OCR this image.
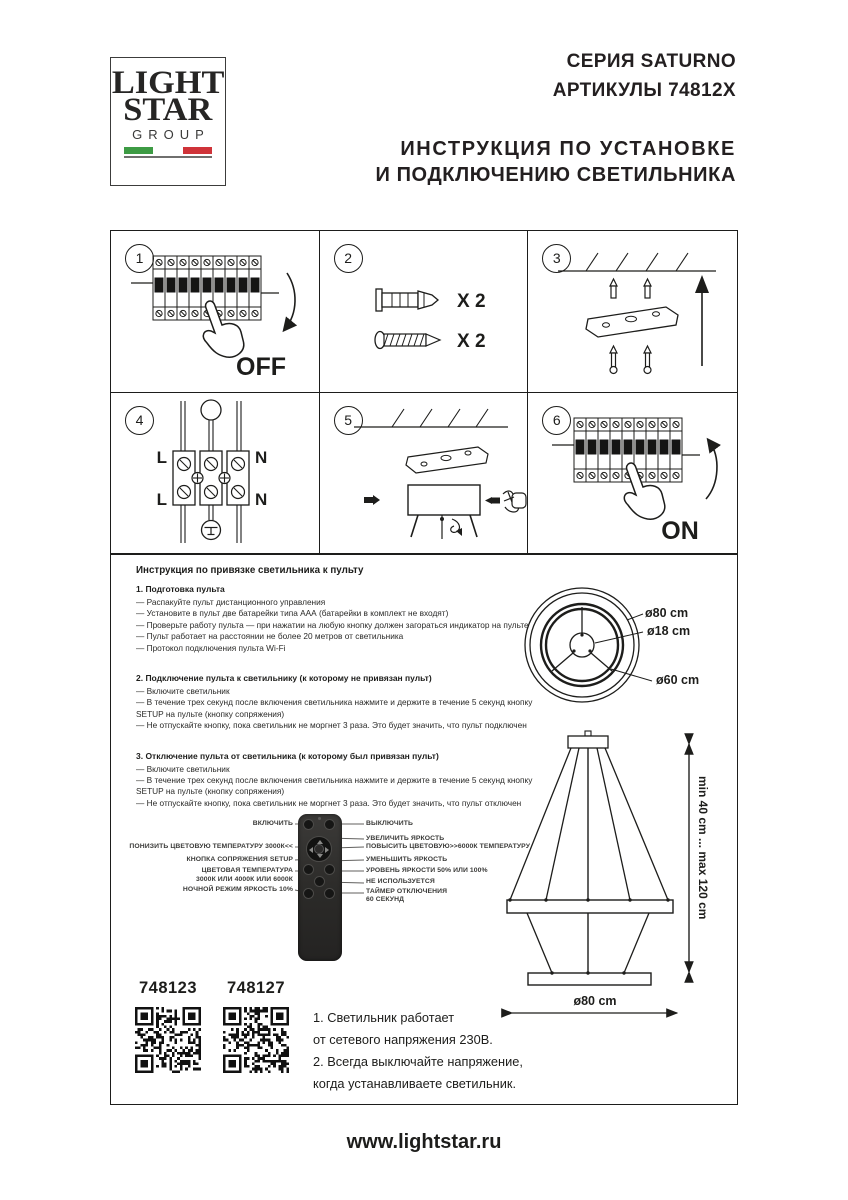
LIGHT
STAR
GROUP
СЕРИЯ SATURNO
АРТИКУЛЫ 74812X
ИНСТРУКЦИЯ ПО УСТАНОВКЕ
И ПОДКЛЮЧЕНИЮ СВЕТИЛЬНИКА
OFF
1
X 2
X 2
2	3
L	N
L	N
4	5
ON
6
Инструкция по привязке светильника к пульту
1. Подготовка пульта
— Распакуйте пульт дистанционного управления
— Установите в пульт две батарейки типа ААА (батарейки в комплект не входят)
— Проверьте работу пульта — при нажатии на любую кнопку должен загораться индикатор на пульте
— Пульт работает на расстоянии не более 20 метров от светильника
— Протокол подключения пульта Wi-Fi
2. Подключение пульта к светильнику (к которому не привязан пульт)
— Включите светильник
— В течение трех секунд после включения светильника нажмите и держите в течение 5 секунд кнопку SETUP на пульте (кнопку сопряжения)
— Не отпускайте кнопку, пока светильник не моргнет 3 раза. Это будет значить, что пульт подключен
3. Отключение пульта от светильника (к которому был привязан пульт)
— Включите светильник
— В течение трех секунд после включения светильника нажмите и держите в течение 5 секунд кнопку SETUP на пульте (кнопку сопряжения)
— Не отпускайте кнопку, пока светильник не моргнет 3 раза. Это будет значить, что пульт отключен
ВКЛЮЧИТЬ
ПОНИЗИТЬ ЦВЕТОВУЮ ТЕМПЕРАТУРУ 3000К<<
КНОПКА СОПРЯЖЕНИЯ SETUP
ЦВЕТОВАЯ ТЕМПЕРАТУРА
3000К ИЛИ 4000К ИЛИ 6000К
НОЧНОЙ РЕЖИМ ЯРКОСТЬ 10%
ВЫКЛЮЧИТЬ
УВЕЛИЧИТЬ ЯРКОСТЬ
ПОВЫСИТЬ ЦВЕТОВУЮ>>6000К ТЕМПЕРАТУРУ
УМЕНЬШИТЬ ЯРКОСТЬ
УРОВЕНЬ ЯРКОСТИ 50% ИЛИ 100%
НЕ ИСПОЛЬЗУЕТСЯ
ТАЙМЕР ОТКЛЮЧЕНИЯ
60 СЕКУНД
ø80 cm
ø18 cm
ø60 cm
min 40 cm ... max 120 cm
ø80 cm
748123	748127
1. Светильник работает
от сетевого напряжения 230В.
2. Всегда выключайте напряжение,
когда устанавливаете светильник.
www.lightstar.ru
